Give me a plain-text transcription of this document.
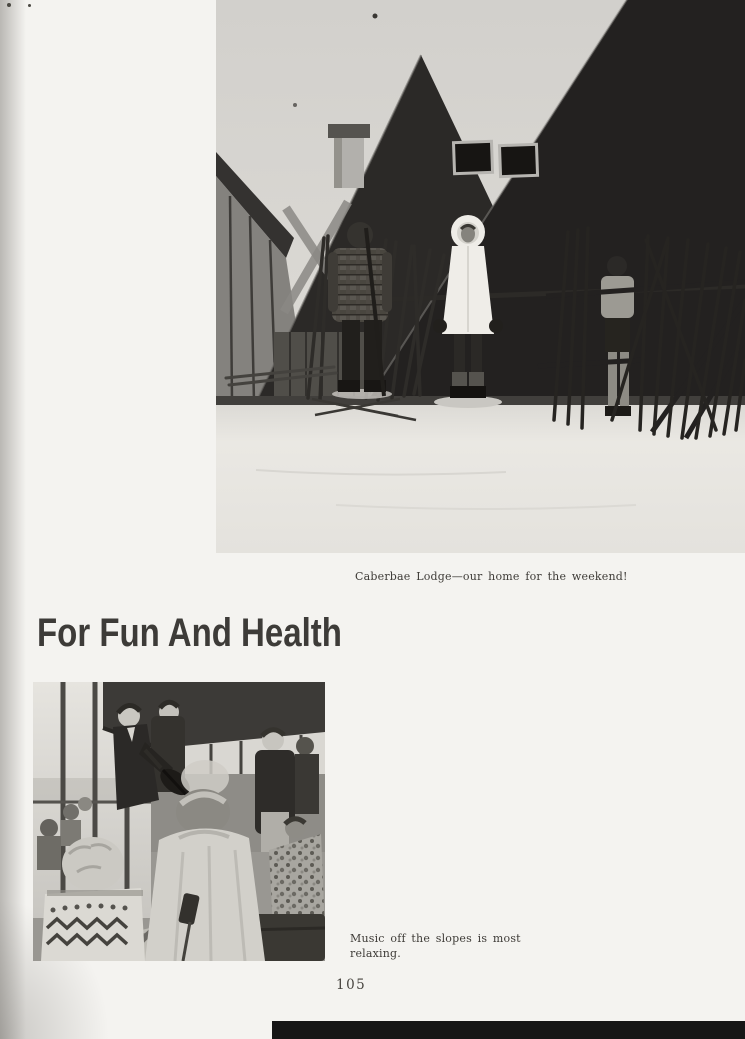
Caberbae Lodge—our home for the weekend!
For Fun And Health
Music off the slopes is most
relaxing.
105
